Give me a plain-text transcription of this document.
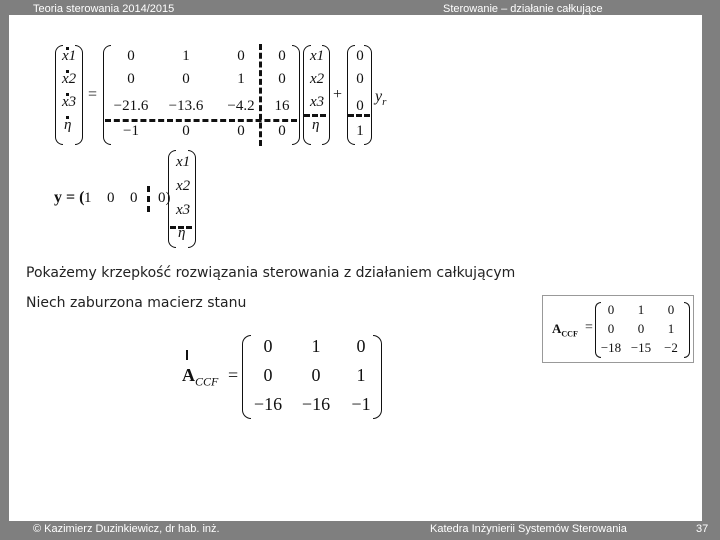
Teoria sterowania 2014/2015	Sterowanie – działanie całkujące
x1
x2
x3
η
=
0	1	0	0
0	0	1	0
−21.6	−13.6	−4.2	16
−1	0	0	0
x1
x2
x3
η
+
0
0
0
1
$y_r$
y = ( 1 0 0 0)
x1
x2
x3
η
Pokażemy krzepkość rozwiązania sterowania z działaniem całkującym
Niech zaburzona macierz stanu
$A_{CCF}$ =
0	1	0
0	0	1
−18 −15 −2
$A_{CCF}$ =
0	1	0
0	0	1
−16	−16	−1
© Kazimierz Duzinkiewicz, dr hab. inż.	Katedra Inżynierii Systemów Sterowania	37
